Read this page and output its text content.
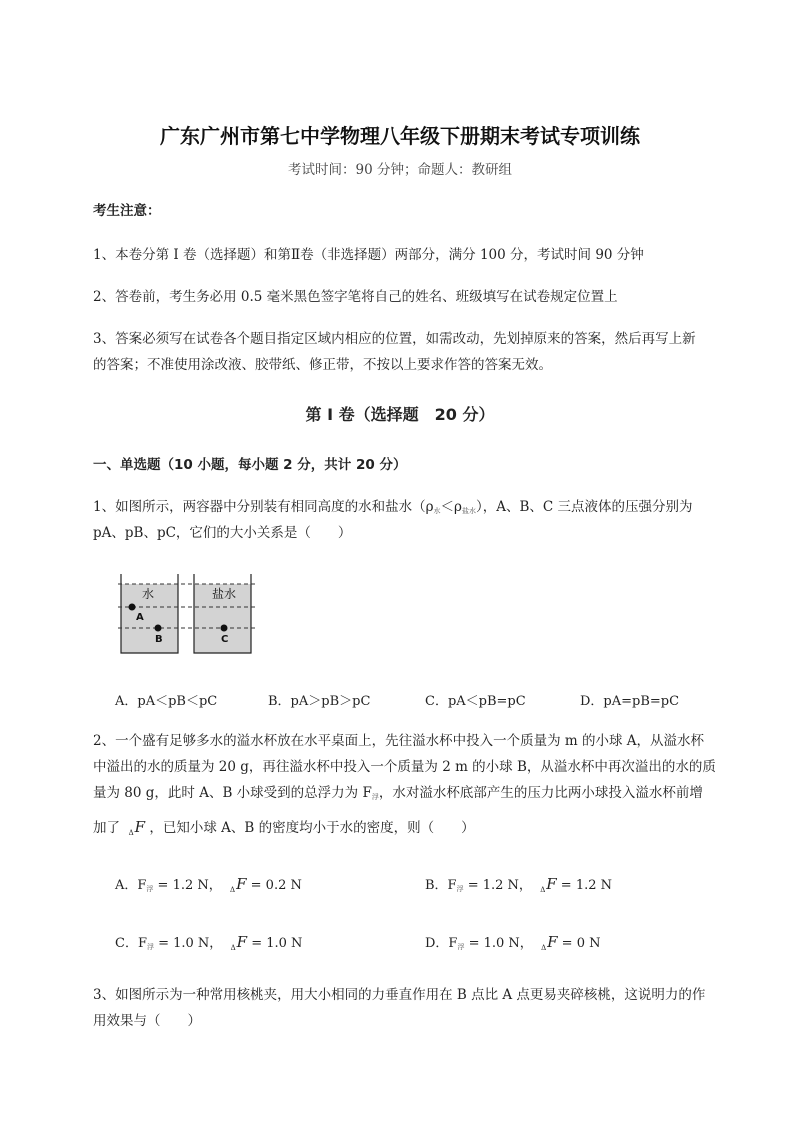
广东广州市第七中学物理八年级下册期末考试专项训练
考试时间：90 分钟；命题人：教研组
考生注意：
1、本卷分第 I 卷（选择题）和第Ⅱ卷（非选择题）两部分，满分 100 分，考试时间 90 分钟
2、答卷前，考生务必用 0.5 毫米黑色签字笔将自己的姓名、班级填写在试卷规定位置上
3、答案必须写在试卷各个题目指定区域内相应的位置，如需改动，先划掉原来的答案，然后再写上新
的答案；不准使用涂改液、胶带纸、修正带，不按以上要求作答的答案无效。
第 I 卷（选择题　20 分）
一、单选题（10 小题，每小题 2 分，共计 20 分）
1、如图所示，两容器中分别装有相同高度的水和盐水$(\rho_水<\rho_{盐水})$，A、B、C 三点液体的压强分别为
pA、pB、pC，它们的大小关系是（　　）
水	盐水
A
B	C
A．pA＜pB＜pC	B．pA＞pB＞pC	C．pA＜pB=pC	D．pA=pB=pC
2、一个盛有足够多水的溢水杯放在水平桌面上，先往溢水杯中投入一个质量为 m 的小球 A，从溢水杯
中溢出的水的质量为 20 g，再往溢水杯中投入一个质量为 2 m 的小球 B，从溢水杯中再次溢出的水的质
量为 80 g，此时 A、B 小球受到的总浮力为 $F_浮$，水对溢水杯底部产生的压力比两小球投入溢水杯前增
加了 $_\Delta$F ，已知小球 A、B 的密度均小于水的密度，则（　　）
A．$F_浮 = 1.2$ N， $_\Delta$F = 0.2 N	B．$F_浮 = 1.2$ N， $_\Delta$F = 1.2 N
C．$F_浮 = 1.0$ N， $_\Delta$F = 1.0 N	D．$F_浮 = 1.0$ N， $_\Delta$F = 0 N
3、如图所示为一种常用核桃夹，用大小相同的力垂直作用在 B 点比 A 点更易夹碎核桃，这说明力的作
用效果与（　　）
